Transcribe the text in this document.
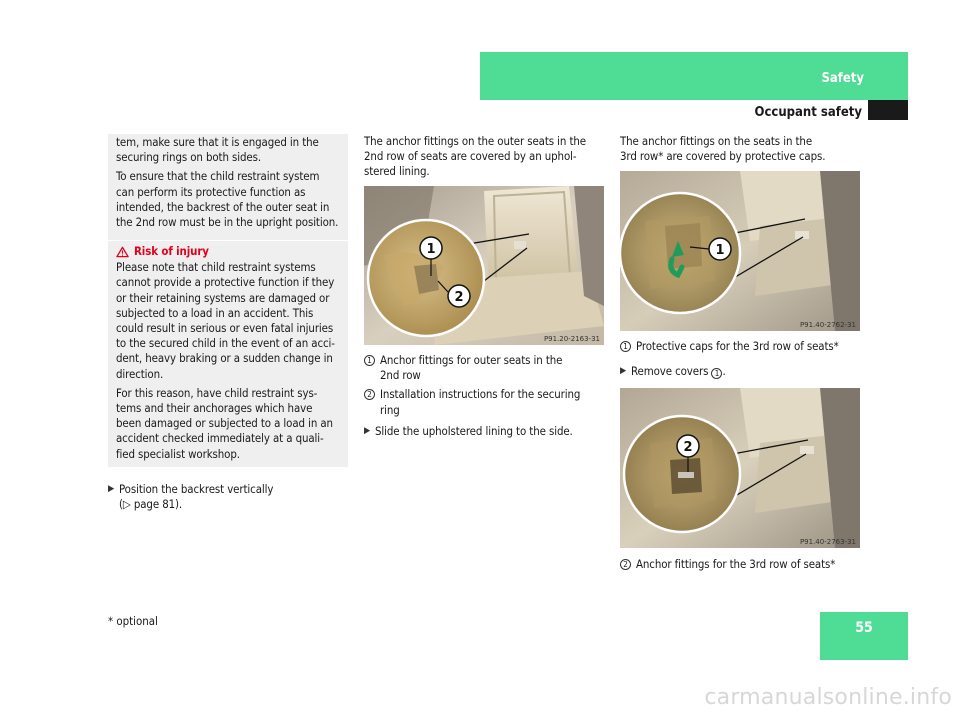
Safety
Occupant safety

tem, make sure that it is engaged in the securing rings on both sides.

To ensure that the child restraint system can perform its protective function as intended, the backrest of the outer seat in the 2nd row must be in the upright position.

Risk of injury

Please note that child restraint systems cannot provide a protective function if they or their retaining systems are damaged or subjected to a load in an accident. This could result in serious or even fatal injuries to the secured child in the event of an acci-dent, heavy braking or a sudden change in direction.

For this reason, have child restraint sys-tems and their anchorages which have been damaged or subjected to a load in an accident checked immediately at a quali-fied specialist workshop.

▶ Position the backrest vertically
(▷ page 81).
The anchor fittings on the outer seats in the 2nd row of seats are covered by an uphol-stered lining.
1
2
P91.20-2163-31
1 Anchor fittings for outer seats in the
2nd row
2 Installation instructions for the securing
ring
▶ Slide the upholstered lining to the side.
The anchor fittings on the seats in the
3rd row* are covered by protective caps.
1
P91.40-2762-31
1 Protective caps for the 3rd row of seats*
▶ Remove covers 1 .
2
P91.40-2763-31
2 Anchor fittings for the 3rd row of seats*
* optional	55
carmanualsonline.info
